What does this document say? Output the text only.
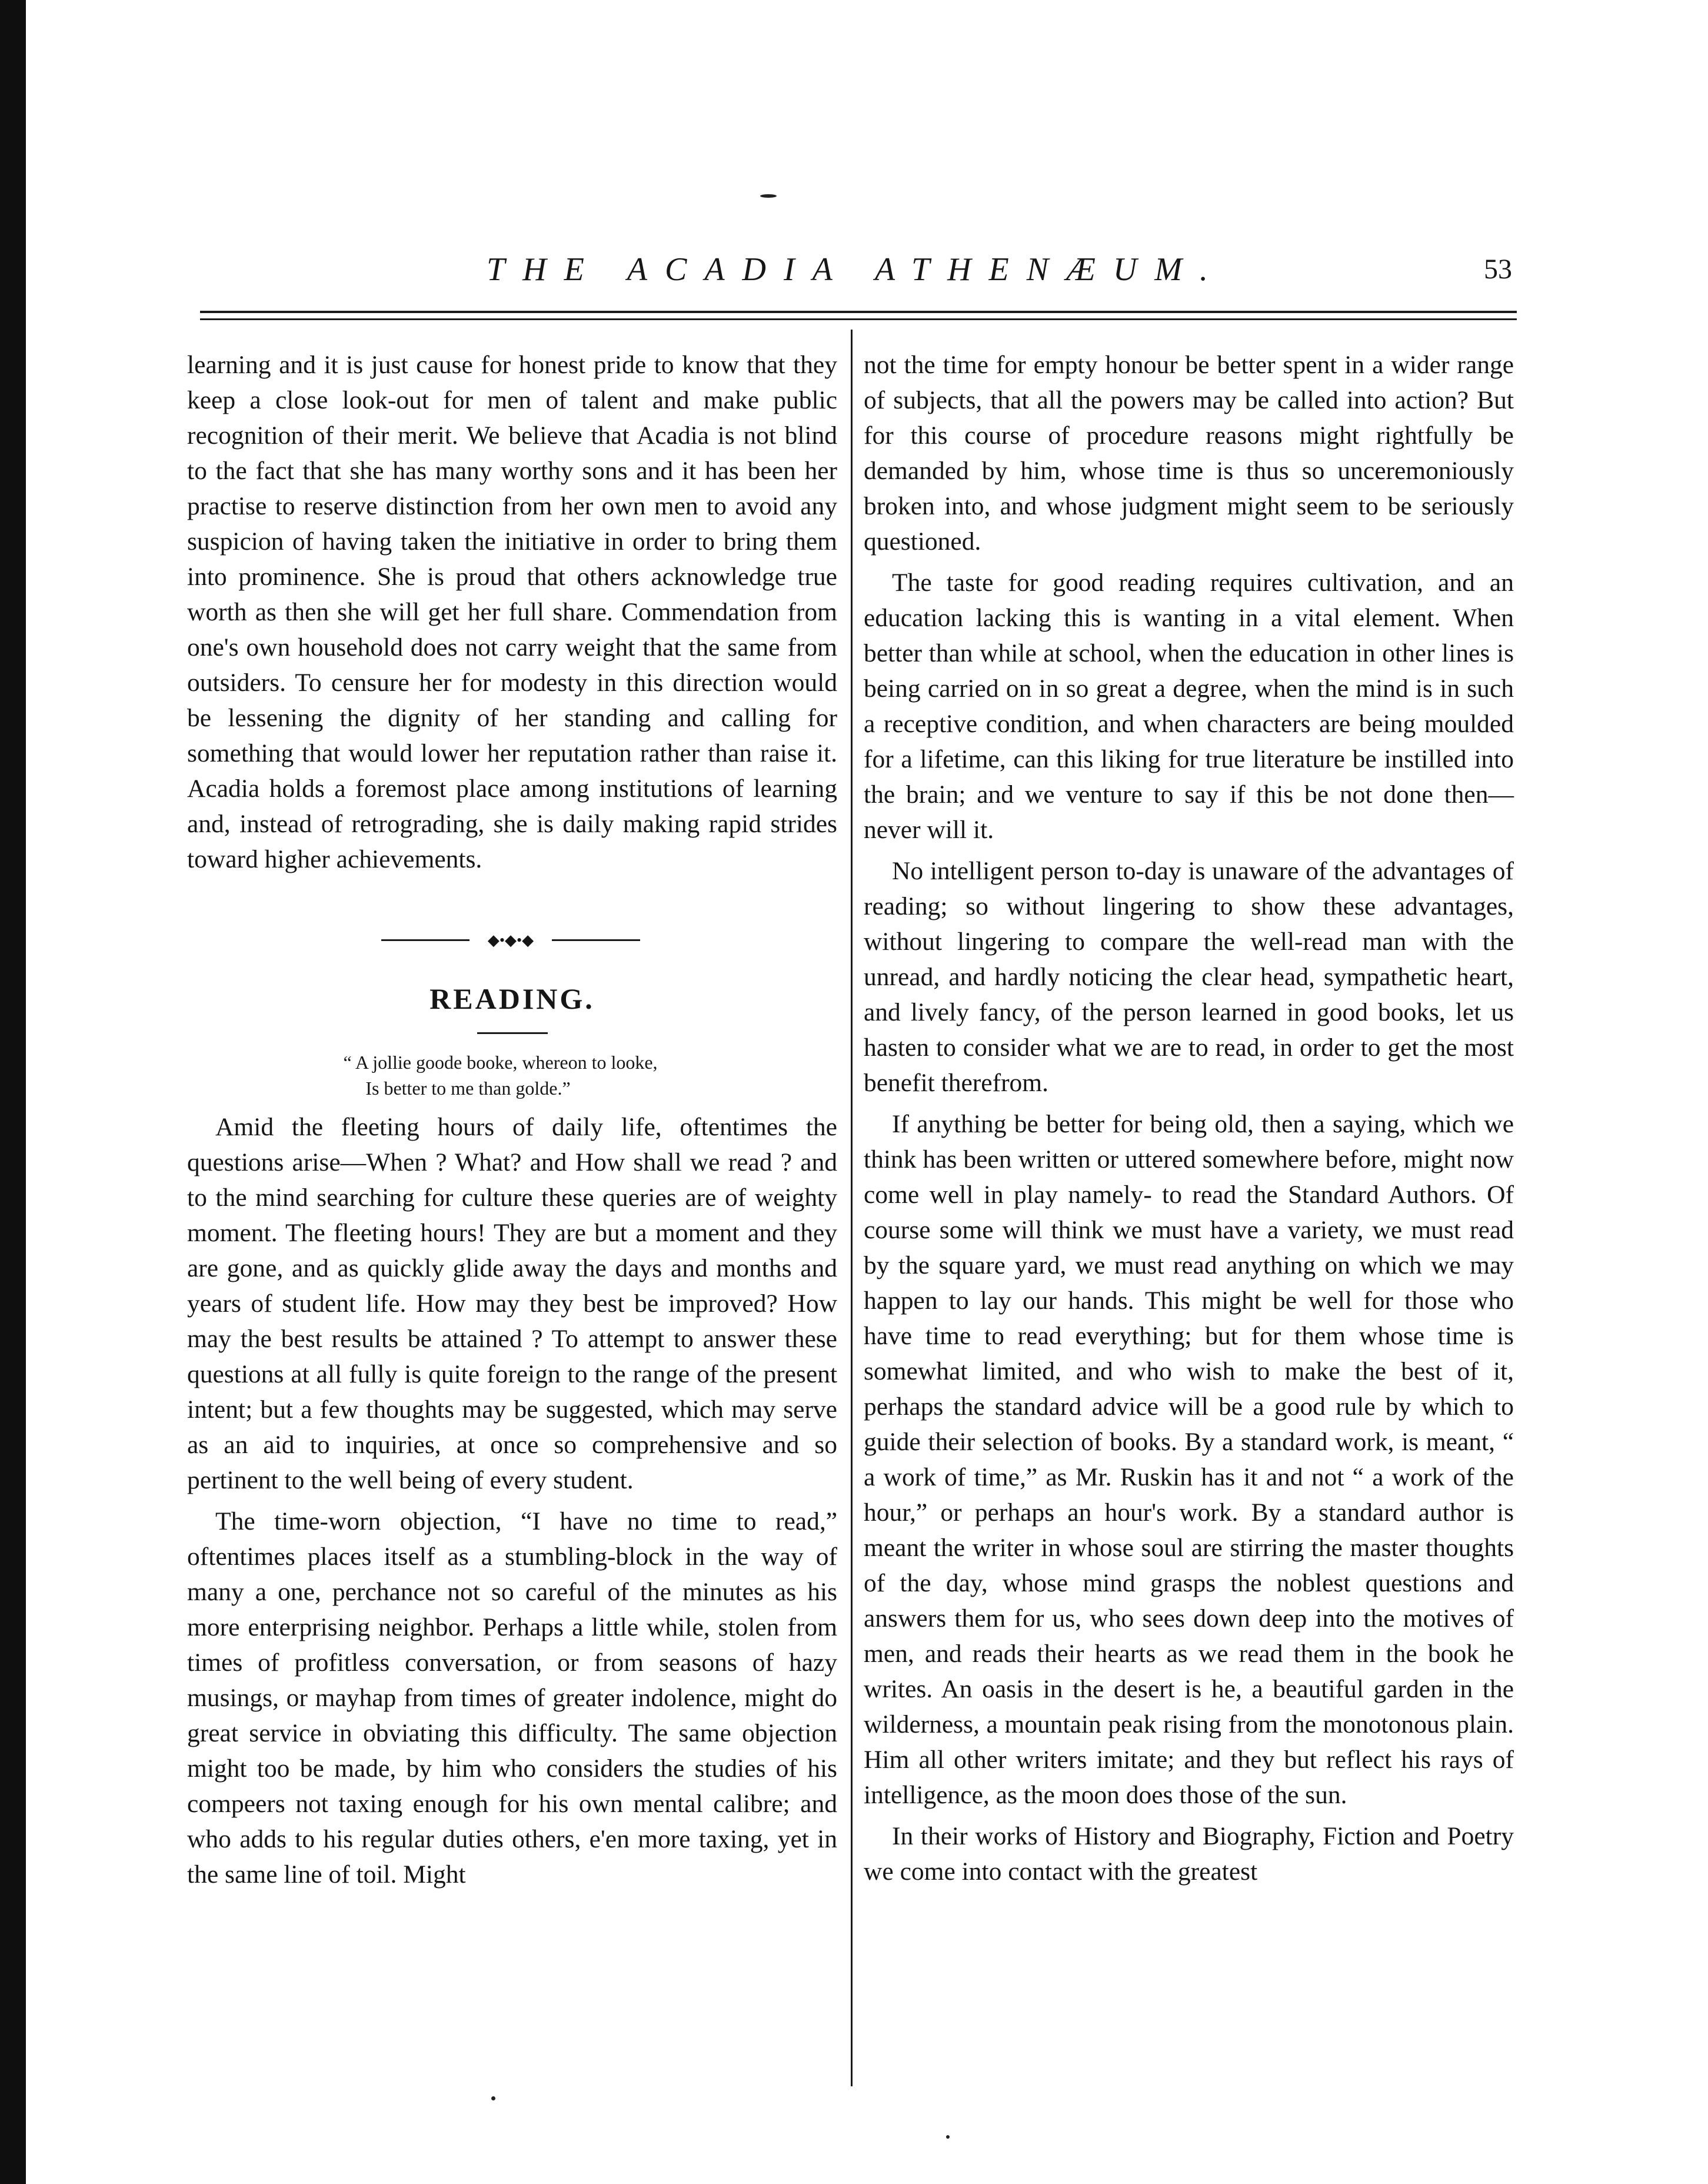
THE ACADIA ATHENÆUM.	53

learning and it is just cause for honest pride to know that they keep a close look-out for men of talent and make public recognition of their merit. We believe that Acadia is not blind to the fact that she has many worthy sons and it has been her practise to reserve distinction from her own men to avoid any suspicion of having taken the initiative in order to bring them into prominence. She is proud that others acknowledge true worth as then she will get her full share. Commendation from one's own household does not carry weight that the same from outsiders. To censure her for modesty in this direction would be lessening the dignity of her standing and calling for something that would lower her reputation rather than raise it. Acadia holds a foremost place among institutions of learning and, instead of retrograding, she is daily making rapid strides toward higher achievements.

◆•◆•◆
READING.
“ A jollie goode booke, whereon to looke,
Is better to me than golde.”

Amid the fleeting hours of daily life, oftentimes the questions arise—When ? What? and How shall we read ? and to the mind searching for culture these queries are of weighty moment. The fleeting hours! They are but a moment and they are gone, and as quickly glide away the days and months and years of student life. How may they best be improved? How may the best results be attained ? To attempt to answer these questions at all fully is quite foreign to the range of the present intent; but a few thoughts may be suggested, which may serve as an aid to inquiries, at once so comprehensive and so pertinent to the well being of every student.

The time-worn objection, “I have no time to read,” oftentimes places itself as a stumbling-block in the way of many a one, perchance not so careful of the minutes as his more enterprising neighbor. Perhaps a little while, stolen from times of profitless conversation, or from seasons of hazy musings, or mayhap from times of greater indolence, might do great service in obviating this difficulty. The same objection might too be made, by him who considers the studies of his compeers not taxing enough for his own mental calibre; and who adds to his regular duties others, e'en more taxing, yet in the same line of toil. Might

not the time for empty honour be better spent in a wider range of subjects, that all the powers may be called into action? But for this course of procedure reasons might rightfully be demanded by him, whose time is thus so unceremoniously broken into, and whose judgment might seem to be seriously questioned.

The taste for good reading requires cultivation, and an education lacking this is wanting in a vital element. When better than while at school, when the education in other lines is being carried on in so great a degree, when the mind is in such a receptive condition, and when characters are being moulded for a lifetime, can this liking for true literature be instilled into the brain; and we venture to say if this be not done then—never will it.

No intelligent person to-day is unaware of the advantages of reading; so without lingering to show these advantages, without lingering to compare the well-read man with the unread, and hardly noticing the clear head, sympathetic heart, and lively fancy, of the person learned in good books, let us hasten to consider what we are to read, in order to get the most benefit therefrom.

If anything be better for being old, then a saying, which we think has been written or uttered somewhere before, might now come well in play namely- to read the Standard Authors. Of course some will think we must have a variety, we must read by the square yard, we must read anything on which we may happen to lay our hands. This might be well for those who have time to read everything; but for them whose time is somewhat limited, and who wish to make the best of it, perhaps the standard advice will be a good rule by which to guide their selection of books. By a standard work, is meant, “ a work of time,” as Mr. Ruskin has it and not “ a work of the hour,” or perhaps an hour's work. By a standard author is meant the writer in whose soul are stirring the master thoughts of the day, whose mind grasps the noblest questions and answers them for us, who sees down deep into the motives of men, and reads their hearts as we read them in the book he writes. An oasis in the desert is he, a beautiful garden in the wilderness, a mountain peak rising from the monotonous plain. Him all other writers imitate; and they but reflect his rays of intelligence, as the moon does those of the sun.

In their works of History and Biography, Fiction and Poetry we come into contact with the greatest
